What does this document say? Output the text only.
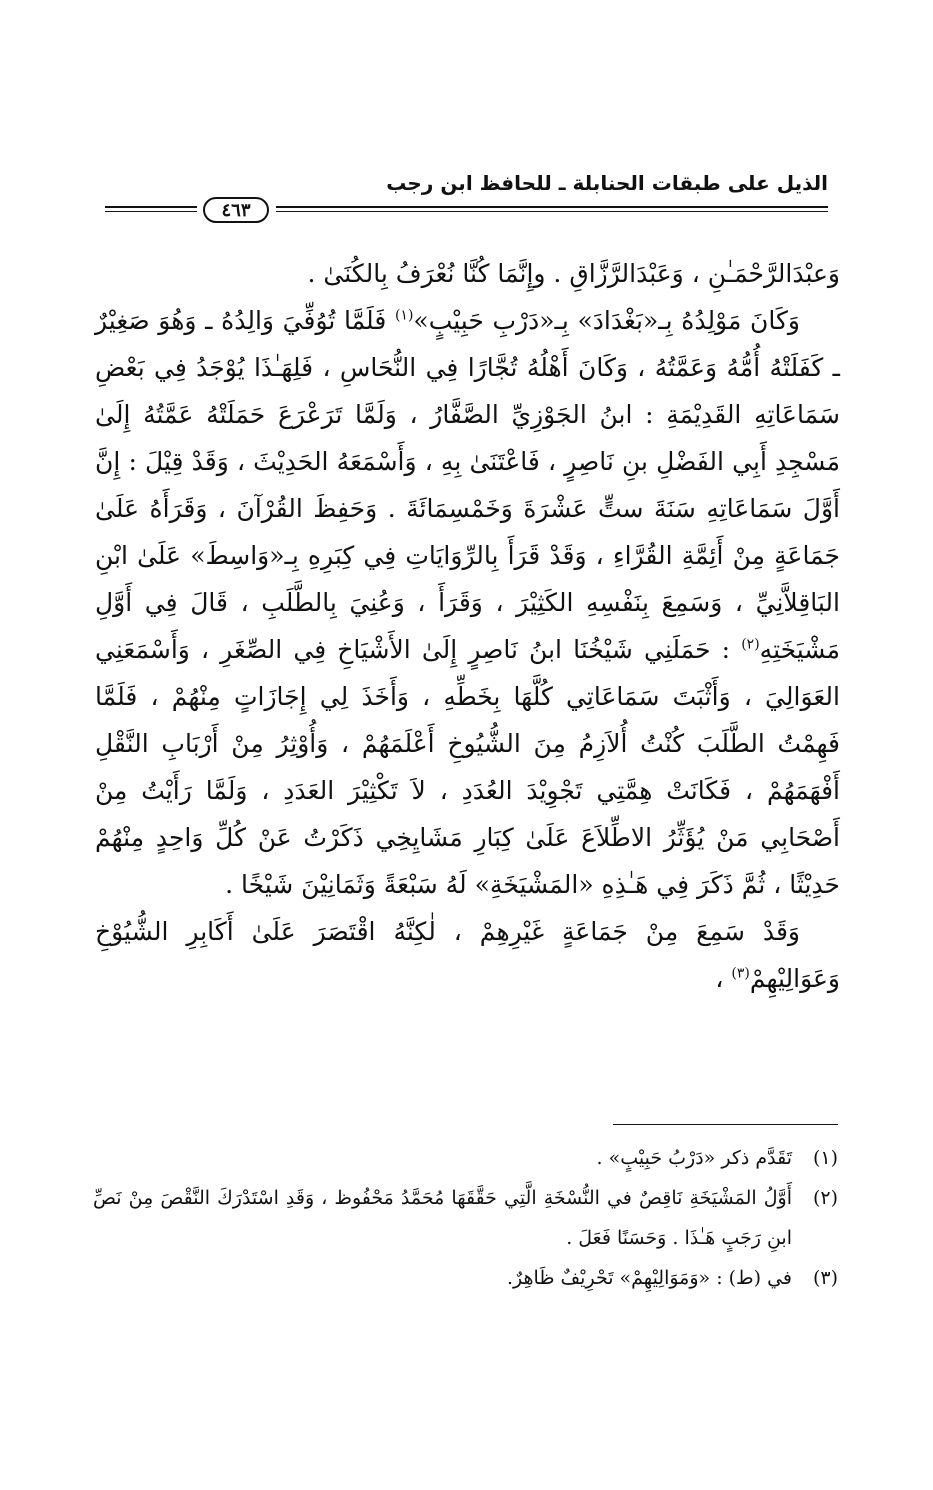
الذيل على طبقات الحنابلة ـ للحافظ ابن رجب
٤٦٣

وَعبْدَالرَّحْمَـٰنِ ، وَعَبْدَالرَّزَّاقِ . وإِنَّمَا كُنَّا نُعْرَفُ بِالكُنَىٰ .

وَكَانَ مَوْلِدُهُ بِـ«بَغْدَادَ» بِـ«دَرْبِ حَبِيْبٍ»$^{(١)}$ فَلَمَّا تُوُفِّيَ وَالِدُهُ ـ وَهُوَ صَغِيْرٌ ـ كَفَلَتْهُ أُمُّهُ وَعَمَّتُهُ ، وَكَانَ أَهْلُهُ تُجَّارًا فِي النُّحَاسِ ، فَلِهَـٰذَا يُوْجَدُ فِي بَعْضِ سَمَاعَاتِهِ القَدِيْمَةِ : ابنُ الجَوْزِيِّ الصَّفَّارُ ، وَلَمَّا تَرَعْرَعَ حَمَلَتْهُ عَمَّتُهُ إِلَىٰ مَسْجِدِ أَبِي الفَضْلِ بنِ نَاصِرٍ ، فَاعْتَنَىٰ بِهِ ، وَأَسْمَعَهُ الحَدِيْثَ ، وَقَدْ قِيْلَ : إِنَّ أَوَّلَ سَمَاعَاتِهِ سَنَةَ ستٍّ عَشْرَةَ وَخَمْسِمَائَةَ . وَحَفِظَ القُرْآنَ ، وَقَرَأَهُ عَلَىٰ جَمَاعَةٍ مِنْ أَئِمَّةِ القُرَّاءِ ، وَقَدْ قَرَأَ بِالرِّوَايَاتِ فِي كِبَرِهِ بِـ«وَاسِطَ» عَلَىٰ ابْنِ البَاقِلاَّنِيِّ ، وَسَمِعَ بِنَفْسِهِ الكَثِيْرَ ، وَقَرَأَ ، وَعُنِيَ بِالطَّلَبِ ، قَالَ فِي أَوَّلِ مَشْيَخَتِهِ$^{(٢)}$ : حَمَلَنِي شَيْخُنَا ابنُ نَاصِرٍ إِلَىٰ الأَشْيَاخِ فِي الصِّغَرِ ، وَأَسْمَعَنِي العَوَالِيَ ، وَأَثْبَتَ سَمَاعَاتِي كُلَّهَا بِخَطِّهِ ، وَأَخَذَ لِي إِجَازَاتٍ مِنْهُمْ ، فَلَمَّا فَهِمْتُ الطَّلَبَ كُنْتُ أُلاَزِمُ مِنَ الشُّيُوخِ أَعْلَمَهُمْ ، وَأُوْثِرُ مِنْ أَرْبَابِ النَّقْلِ أَفْهَمَهُمْ ، فَكَانَتْ هِمَّتِي تَجْوِيْدَ العُدَدِ ، لاَ تَكْثِيْرَ العَدَدِ ، وَلَمَّا رَأَيْتُ مِنْ أَصْحَابِي مَنْ يُؤَثِّرُ الاطِّلاَعَ عَلَىٰ كِبَارِ مَشَايِخِي ذَكَرْتُ عَنْ كُلِّ وَاحِدٍ مِنْهُمْ حَدِيْثًا ، ثُمَّ ذَكَرَ فِي هَـٰذِهِ «المَشْيَخَةِ» لَهُ سَبْعَةً وَثَمَانِيْنَ شَيْخًا .

وَقَدْ سَمِعَ مِنْ جَمَاعَةٍ غَيْرِهِمْ ، لٰكِنَّهُ اقْتَصَرَ عَلَىٰ أَكَابِرِ الشُّيُوْخِ وَعَوَالِيْهِمْ$^{(٣)}$ ،

(١)
تَقَدَّم ذكر «دَرْبُ حَبِيْبٍ» .
(٢)
أَوَّلُ المَشْيَخَةِ نَاقِصٌ في النُّسْخَةِ الَّتِي حَقَّقَهَا مُحَمَّدُ مَحْفُوظ ، وَقَدِ اسْتَدْرَكَ النَّقْصَ مِنْ نَصِّ ابنِ رَجَبٍ هَـٰذَا . وَحَسَنًا فَعَلَ .
(٣)
في (ط) : «وَمَوَالِيْهِمْ» تَحْرِيْفٌ ظَاهِرٌ.
